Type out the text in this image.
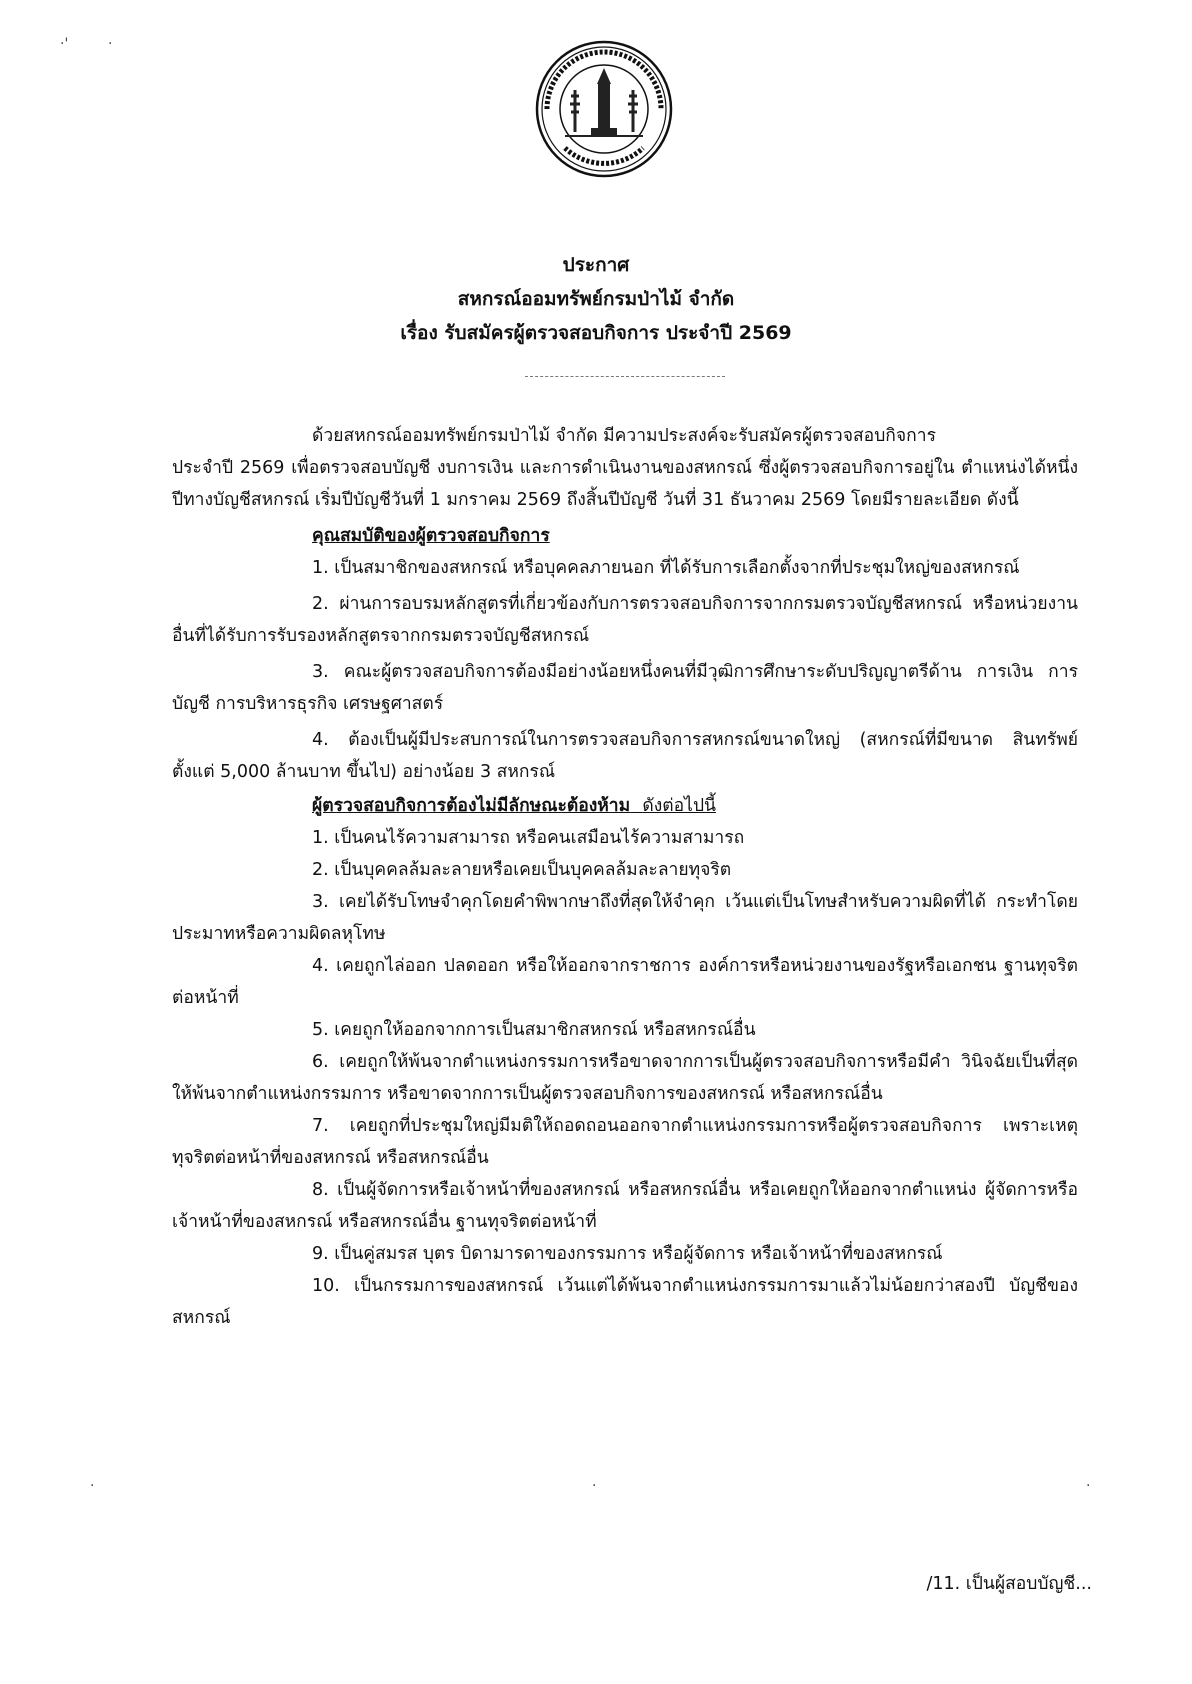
·'	·

ประกาศ

สหกรณ์ออมทรัพย์กรมป่าไม้ จำกัด

เรื่อง รับสมัครผู้ตรวจสอบกิจการ ประจำปี 2569

ด้วยสหกรณ์ออมทรัพย์กรมป่าไม้ จำกัด มีความประสงค์จะรับสมัครผู้ตรวจสอบกิจการ

ประจำปี 2569 เพื่อตรวจสอบบัญชี งบการเงิน และการดำเนินงานของสหกรณ์ ซึ่งผู้ตรวจสอบกิจการอยู่ใน ตำแหน่งได้หนึ่งปีทางบัญชีสหกรณ์ เริ่มปีบัญชีวันที่ 1 มกราคม 2569 ถึงสิ้นปีบัญชี วันที่ 31 ธันวาคม 2569 โดยมีรายละเอียด ดังนี้

คุณสมบัติของผู้ตรวจสอบกิจการ

1. เป็นสมาชิกของสหกรณ์ หรือบุคคลภายนอก ที่ได้รับการเลือกตั้งจากที่ประชุมใหญ่ของสหกรณ์

2. ผ่านการอบรมหลักสูตรที่เกี่ยวข้องกับการตรวจสอบกิจการจากกรมตรวจบัญชีสหกรณ์ หรือหน่วยงานอื่นที่ได้รับการรับรองหลักสูตรจากกรมตรวจบัญชีสหกรณ์

3. คณะผู้ตรวจสอบกิจการต้องมีอย่างน้อยหนึ่งคนที่มีวุฒิการศึกษาระดับปริญญาตรีด้าน การเงิน การบัญชี การบริหารธุรกิจ เศรษฐศาสตร์

4. ต้องเป็นผู้มีประสบการณ์ในการตรวจสอบกิจการสหกรณ์ขนาดใหญ่ (สหกรณ์ที่มีขนาด สินทรัพย์ตั้งแต่ 5,000 ล้านบาท ขึ้นไป) อย่างน้อย 3 สหกรณ์

ผู้ตรวจสอบกิจการต้องไม่มีลักษณะต้องห้าม ดังต่อไปนี้

1. เป็นคนไร้ความสามารถ หรือคนเสมือนไร้ความสามารถ

2. เป็นบุคคลล้มละลายหรือเคยเป็นบุคคลล้มละลายทุจริต

3. เคยได้รับโทษจำคุกโดยคำพิพากษาถึงที่สุดให้จำคุก เว้นแต่เป็นโทษสำหรับความผิดที่ได้ กระทำโดยประมาทหรือความผิดลหุโทษ

4. เคยถูกไล่ออก ปลดออก หรือให้ออกจากราชการ องค์การหรือหน่วยงานของรัฐหรือเอกชน ฐานทุจริตต่อหน้าที่

5. เคยถูกให้ออกจากการเป็นสมาชิกสหกรณ์ หรือสหกรณ์อื่น

6. เคยถูกให้พ้นจากตำแหน่งกรรมการหรือขาดจากการเป็นผู้ตรวจสอบกิจการหรือมีคำ วินิจฉัยเป็นที่สุดให้พ้นจากตำแหน่งกรรมการ หรือขาดจากการเป็นผู้ตรวจสอบกิจการของสหกรณ์ หรือสหกรณ์อื่น

7. เคยถูกที่ประชุมใหญ่มีมติให้ถอดถอนออกจากตำแหน่งกรรมการหรือผู้ตรวจสอบกิจการ เพราะเหตุทุจริตต่อหน้าที่ของสหกรณ์ หรือสหกรณ์อื่น

8. เป็นผู้จัดการหรือเจ้าหน้าที่ของสหกรณ์ หรือสหกรณ์อื่น หรือเคยถูกให้ออกจากตำแหน่ง ผู้จัดการหรือเจ้าหน้าที่ของสหกรณ์ หรือสหกรณ์อื่น ฐานทุจริตต่อหน้าที่

9. เป็นคู่สมรส บุตร บิดามารดาของกรรมการ หรือผู้จัดการ หรือเจ้าหน้าที่ของสหกรณ์

10. เป็นกรรมการของสหกรณ์ เว้นแต่ได้พ้นจากตำแหน่งกรรมการมาแล้วไม่น้อยกว่าสองปี บัญชีของสหกรณ์

·	·	·
/11. เป็นผู้สอบบัญชี...
